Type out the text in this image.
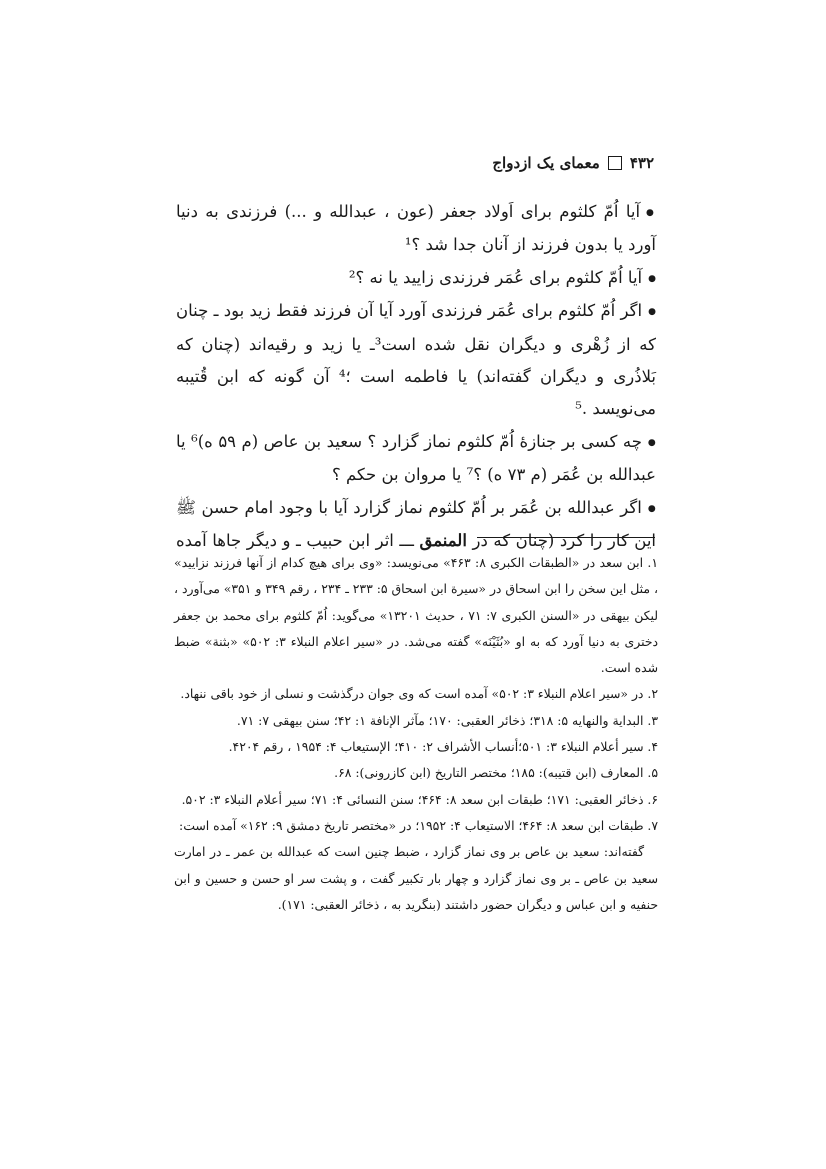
۴۳۲
معمای یک ازدواج

● آیا اُمّ کلثوم برای اَولاد جعفر (عون ، عبدالله و ...) فرزندی به دنیا آورد یا بدون فرزند از آنان جدا شد ؟¹

● آیا اُمّ کلثوم برای عُمَر فرزندی زایید یا نه ؟²

● اگر اُمّ کلثوم برای عُمَر فرزندی آورد آیا آن فرزند فقط زید بود ـ چنان که از زُهْری و دیگران نقل شده است³ـ یا زید و رقیه‌اند (چنان که بَلاذُری و دیگران گفته‌اند) یا فاطمه است ؛⁴ آن گونه که ابن قُتیبه می‌نویسد .⁵

● چه کسی بر جنازهٔ اُمّ کلثوم نماز گزارد ؟ سعید بن عاص (م ۵۹ ه)⁶ یا عبدالله بن عُمَر (م ۷۳ ه) ؟⁷ یا مروان بن حکم ؟

● اگر عبدالله بن عُمَر بر اُمّ کلثوم نماز گزارد آیا با وجود امام حسن ﷺ این کار را کرد (چنان که در المنمق ـــ اثر ابن حبیب ـ و دیگر جاها آمده

۱. ابن سعد در «الطبقات الکبری ۸: ۴۶۳» می‌نویسد: «وی برای هیچ کدام از آنها فرزند نزایید» ، مثل این سخن را ابن اسحاق در «سیرة ابن اسحاق ۵: ۲۳۳ ـ ۲۳۴ ، رقم ۳۴۹ و ۳۵۱» می‌آورد ، لیکن بیهقی در «السنن الکبری ۷: ۷۱ ، حدیث ۱۳۲۰۱» می‌گوید: اُمّ کلثوم برای محمد بن جعفر دختری به دنیا آورد که به او «بُثَیْنَه» گفته می‌شد. در «سیر اعلام النبلاء ۳: ۵۰۲» «بثنة» ضبط شده است.

۲. در «سیر اعلام النبلاء ۳: ۵۰۲» آمده است که وی جوان درگذشت و نسلی از خود باقی ننهاد.

۳. البدایة والنهایه ۵: ۳۱۸؛ ذخائر العقبی: ۱۷۰؛ مآثر الإنافة ۱: ۴۲؛ سنن بیهقی ۷: ۷۱.

۴. سیر أعلام النبلاء ۳: ۵۰۱؛أنساب الأشراف ۲: ۴۱۰؛ الإستیعاب ۴: ۱۹۵۴ ، رقم ۴۲۰۴.

۵. المعارف (ابن قتیبه): ۱۸۵؛ مختصر التاریخ (ابن کازرونی): ۶۸.

۶. ذخائر العقبی: ۱۷۱؛ طبقات ابن سعد ۸: ۴۶۴؛ سنن النسائی ۴: ۷۱؛ سیر أعلام النبلاء ۳: ۵۰۲.

۷. طبقات ابن سعد ۸: ۴۶۴؛ الاستیعاب ۴: ۱۹۵۲؛ در «مختصر تاریخ دمشق ۹: ۱۶۲» آمده است:

گفته‌اند: سعید بن عاص بر وی نماز گزارد ، ضبط چنین است که عبدالله بن عمر ـ در امارت سعید بن عاص ـ بر وی نماز گزارد و چهار بار تکبیر گفت ، و پشت سر او حسن و حسین و ابن حنفیه و ابن عباس و دیگران حضور داشتند (بنگرید به ، ذخائر العقبی: ۱۷۱).
